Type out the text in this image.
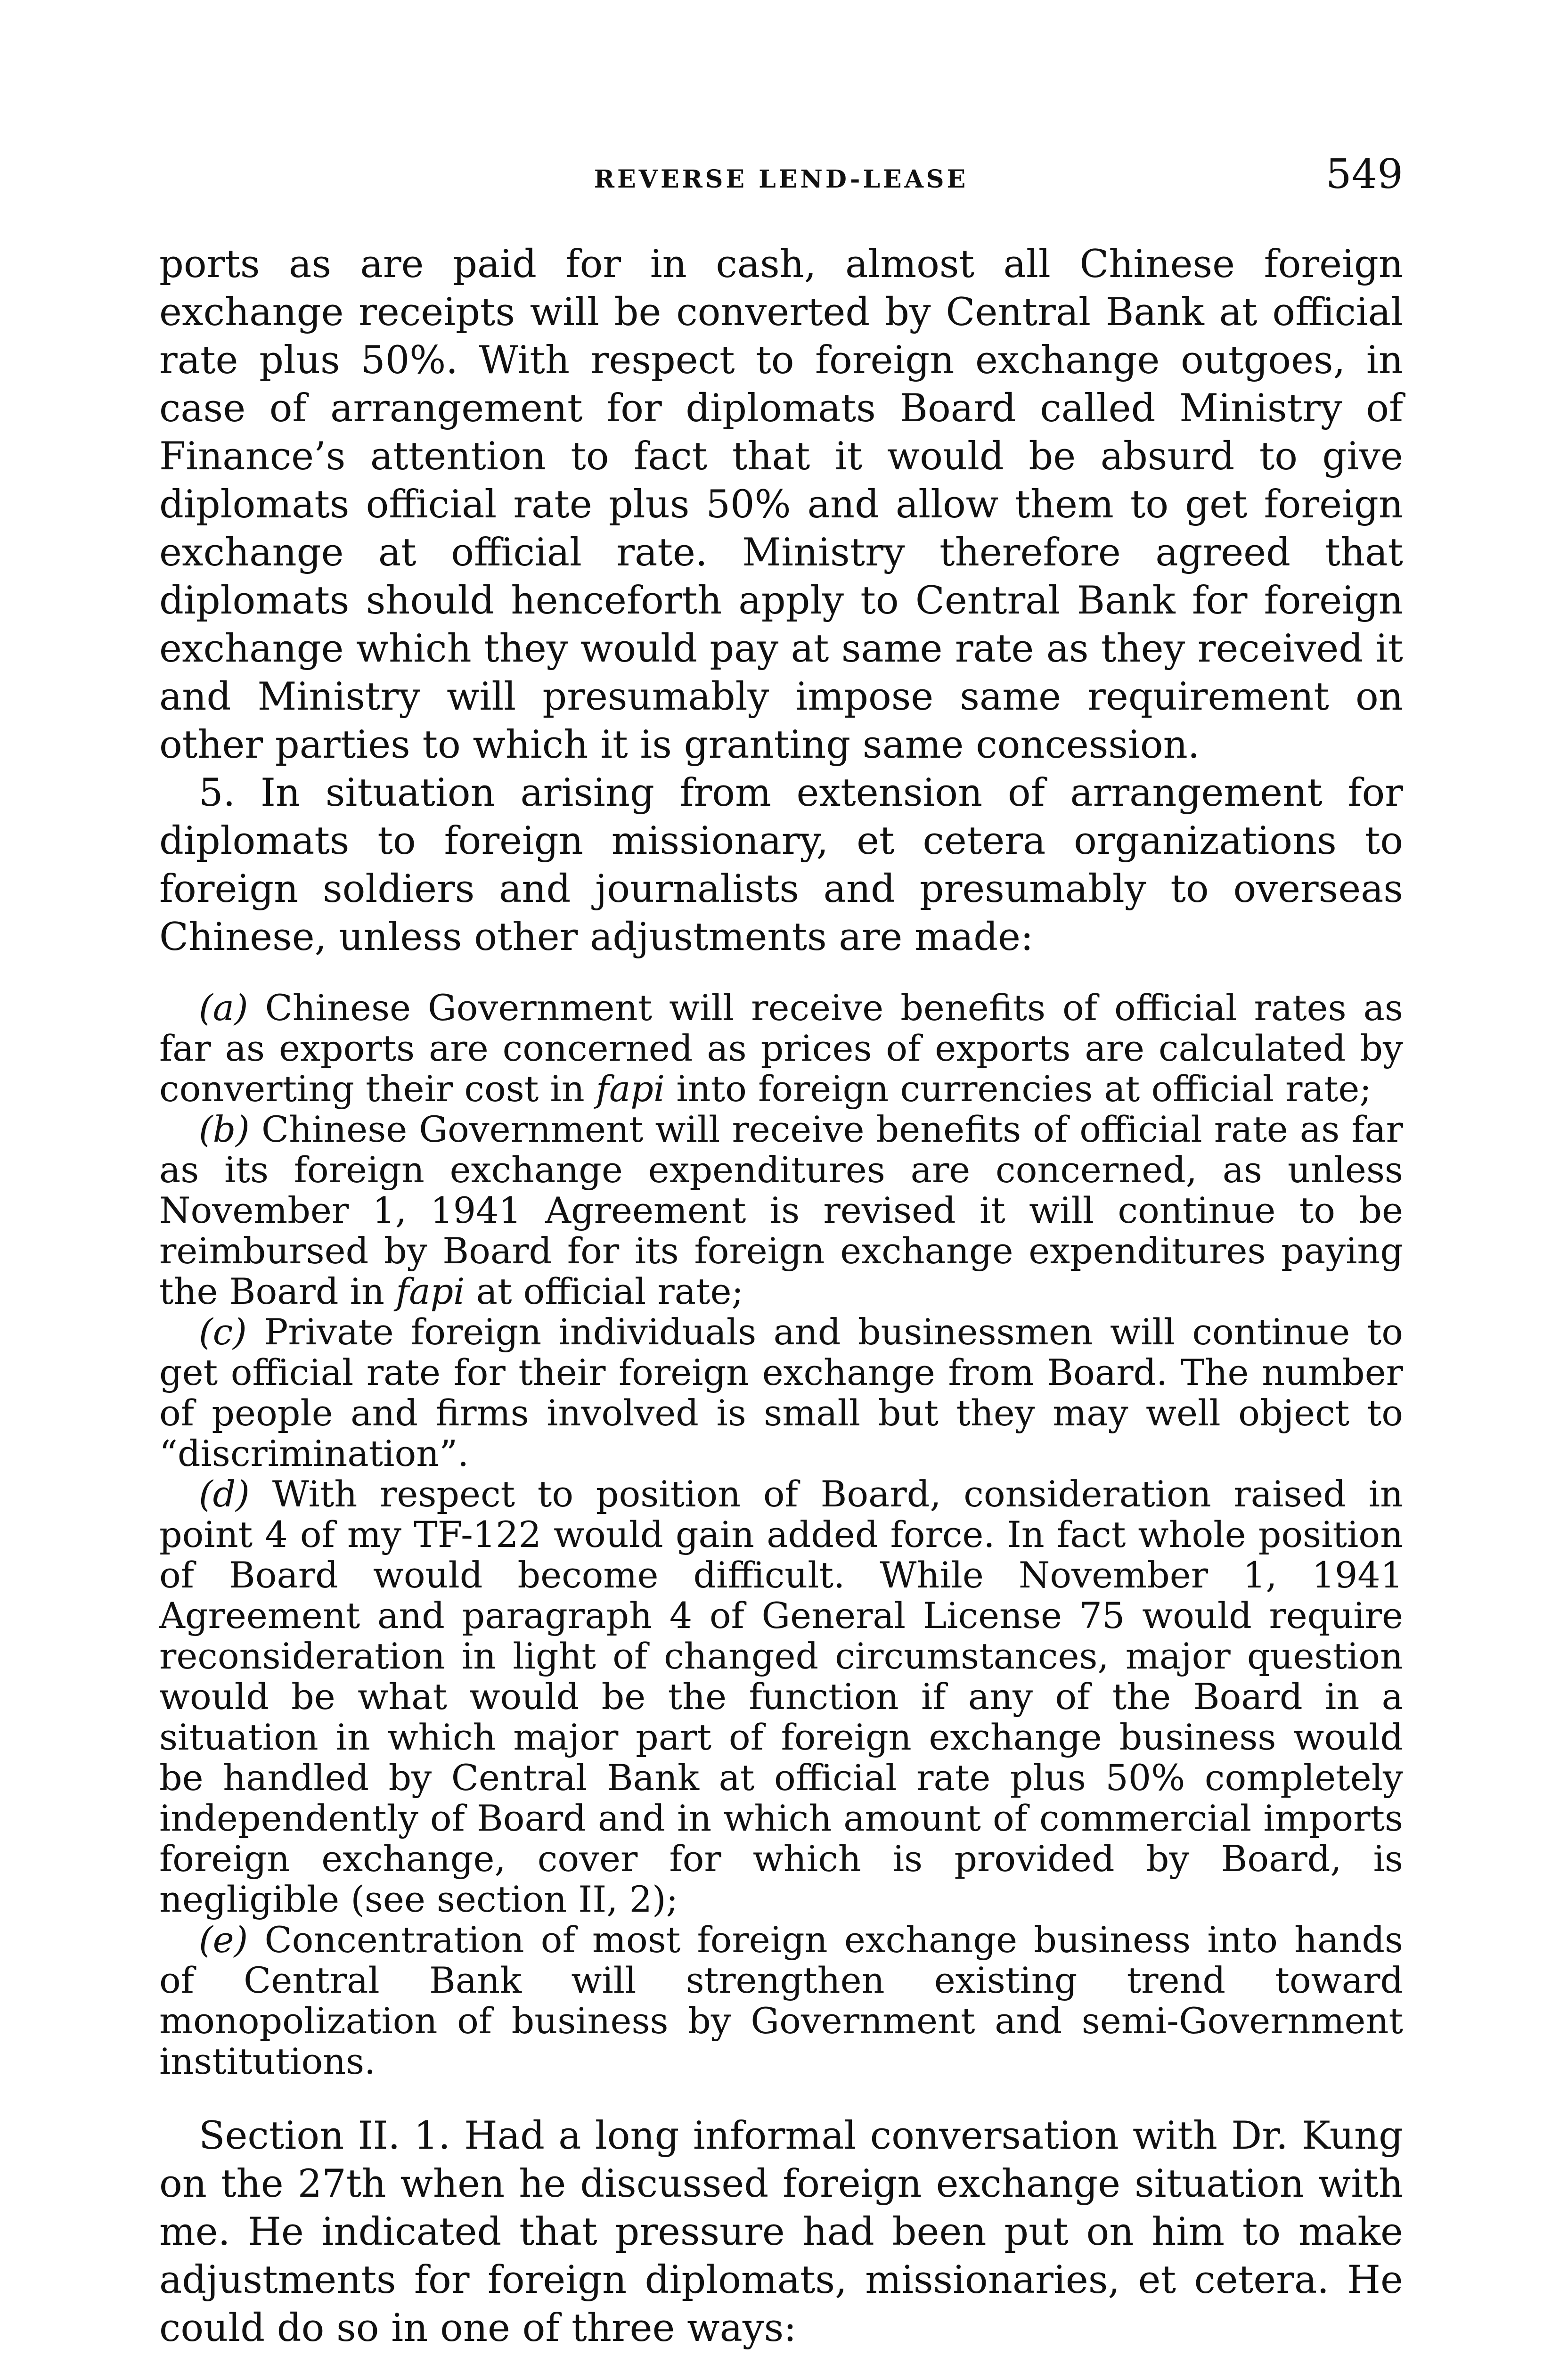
REVERSE LEND-LEASE	549

ports as are paid for in cash, almost all Chinese foreign exchange receipts will be converted by Central Bank at official rate plus 50%. With respect to foreign exchange outgoes, in case of arrangement for diplomats Board called Ministry of Finance’s attention to fact that it would be absurd to give diplomats official rate plus 50% and allow them to get foreign exchange at official rate. Ministry therefore agreed that diplomats should henceforth apply to Central Bank for foreign exchange which they would pay at same rate as they received it and Ministry will presumably impose same requirement on other parties to which it is granting same concession.

5. In situation arising from extension of arrangement for diplomats to foreign missionary, et cetera organizations to foreign soldiers and journalists and presumably to overseas Chinese, unless other adjustments are made:

(a) Chinese Government will receive benefits of official rates as far as exports are concerned as prices of exports are calculated by converting their cost in fapi into foreign currencies at official rate;

(b) Chinese Government will receive benefits of official rate as far as its foreign exchange expenditures are concerned, as unless November 1, 1941 Agreement is revised it will continue to be reimbursed by Board for its foreign exchange expenditures paying the Board in fapi at official rate;

(c) Private foreign individuals and businessmen will continue to get official rate for their foreign exchange from Board. The number of people and firms involved is small but they may well object to “discrimination”.

(d) With respect to position of Board, consideration raised in point 4 of my TF-122 would gain added force. In fact whole position of Board would become difficult. While November 1, 1941 Agreement and paragraph 4 of General License 75 would require reconsideration in light of changed circumstances, major question would be what would be the function if any of the Board in a situation in which major part of foreign exchange business would be handled by Central Bank at official rate plus 50% completely independently of Board and in which amount of commercial imports foreign exchange, cover for which is provided by Board, is negligible (see section II, 2);

(e) Concentration of most foreign exchange business into hands of Central Bank will strengthen existing trend toward monopolization of business by Government and semi-Government institutions.

Section II. 1. Had a long informal conversation with Dr. Kung on the 27th when he discussed foreign exchange situation with me. He indicated that pressure had been put on him to make adjustments for foreign diplomats, missionaries, et cetera. He could do so in one of three ways:
